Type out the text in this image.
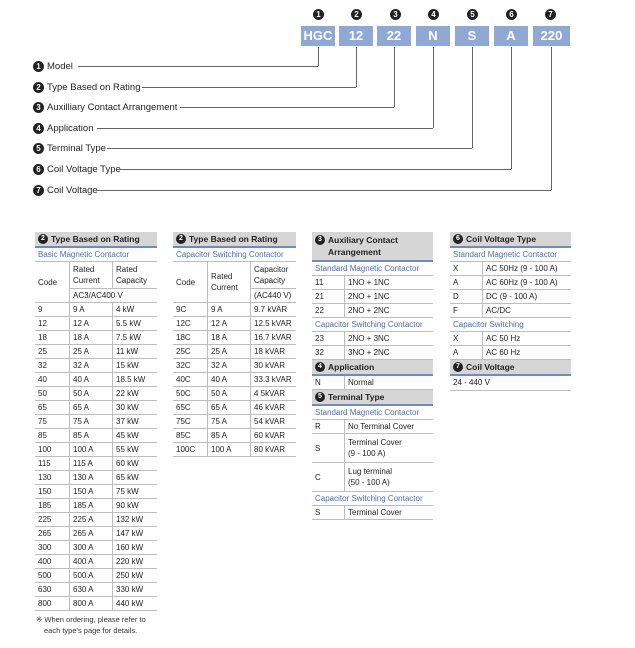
1	2	3	4	5	6	7
HGC	12	22	N	S	A	220
1 Model
2 Type Based on Rating
3 Auxilliary Contact Arrangement
4 Application
5 Terminal Type
6 Coil Voltage Type
7 Coil Voltage
2 Type Based on Rating
Basic Magnetic Contactor
Code	Rated Current	Rated Capacity
	AC3/AC400 V	
9	9 A	4 kW
12	12 A	5.5 kW
18	18 A	7.5 kW
25	25 A	11 kW
32	32 A	15 kW
40	40 A	18.5 kW
50	50 A	22 kW
65	65 A	30 kW
75	75 A	37 kW
85	85 A	45 kW
100	100 A	55 kW
115	115 A	60 kW
130	130 A	65 kW
150	150 A	75 kW
185	185 A	90 kW
225	225 A	132 kW
265	265 A	147 kW
300	300 A	160 kW
400	400 A	220 kW
500	500 A	250 kW
630	630 A	330 kW
800	800 A	440 kW
2 Type Based on Rating
Capacitor Switching Contactor
Code	Rated Current	Capacitor Capacity
		(AC440 V)
9C	9 A	9.7 kVAR
12C	12 A	12.5 kVAR
18C	18 A	16.7 kVAR
25C	25 A	18 kVAR
32C	32 A	30 kVAR
40C	40 A	33.3 kVAR
50C	50 A	4 5kVAR
65C	65 A	46 kVAR
75C	75 A	54 kVAR
85C	85 A	60 kVAR
100C	100 A	80 kVAR
3 Auxiliary Contact Arrangement
Standard Magnetic Contactor
11	1NO + 1NC
21	2NO + 1NC
22	2NO + 2NC
Capacitor Switching Contactor
23	2NO + 3NC
32	3NO + 2NC
4 Application
N	Normal
5 Terminal Type
Standard Magnetic Contactor
R	No Terminal Cover
S	Terminal Cover
(9 - 100 A)

C	Lug terminal
(50 - 100 A)
Capacitor Switching Contactor
S	Terminal Cover
6 Coil Voltage Type
Standard Magnetic Contactor
X	AC 50Hz (9 - 100 A)
A	AC 60Hz (9 - 100 A)
D	DC (9 - 100 A)
F	AC/DC
Capacitor Switching
X	AC 50 Hz
A	AC 60 Hz
7 Coil Voltage
24 - 440 V
※ When ordering, please refer to
each type's page for details.
